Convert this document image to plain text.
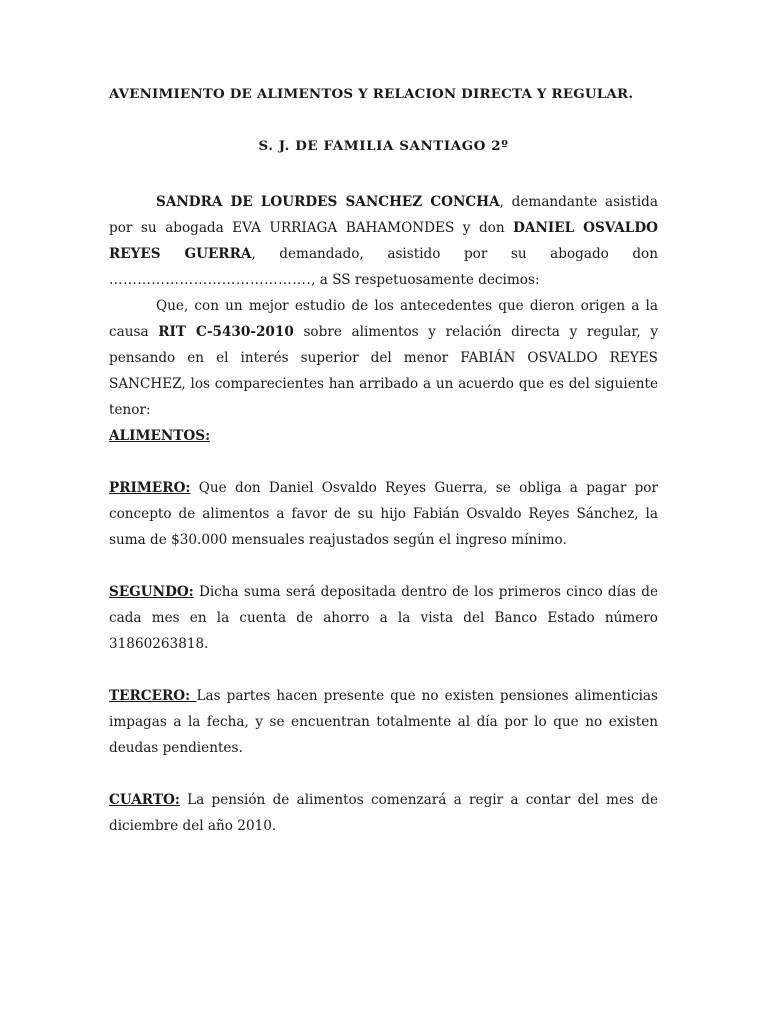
AVENIMIENTO DE ALIMENTOS Y RELACION DIRECTA Y REGULAR.
S. J. DE FAMILIA SANTIAGO 2º

SANDRA DE LOURDES SANCHEZ CONCHA, demandante asistida por su abogada EVA URRIAGA BAHAMONDES y don DANIEL OSVALDO REYES GUERRA, demandado, asistido por su abogado don ……………………………………., a SS respetuosamente decimos:

Que, con un mejor estudio de los antecedentes que dieron origen a la causa RIT C-5430-2010 sobre alimentos y relación directa y regular, y pensando en el interés superior del menor FABIÁN OSVALDO REYES SANCHEZ, los comparecientes han arribado a un acuerdo que es del siguiente tenor:

ALIMENTOS:

PRIMERO: Que don Daniel Osvaldo Reyes Guerra, se obliga a pagar por concepto de alimentos a favor de su hijo Fabián Osvaldo Reyes Sánchez, la suma de $30.000 mensuales reajustados según el ingreso mínimo.

SEGUNDO: Dicha suma será depositada dentro de los primeros cinco días de cada mes en la cuenta de ahorro a la vista del Banco Estado número 31860263818.

TERCERO: Las partes hacen presente que no existen pensiones alimenticias impagas a la fecha, y se encuentran totalmente al día por lo que no existen deudas pendientes.

CUARTO: La pensión de alimentos comenzará a regir a contar del mes de diciembre del año 2010.
